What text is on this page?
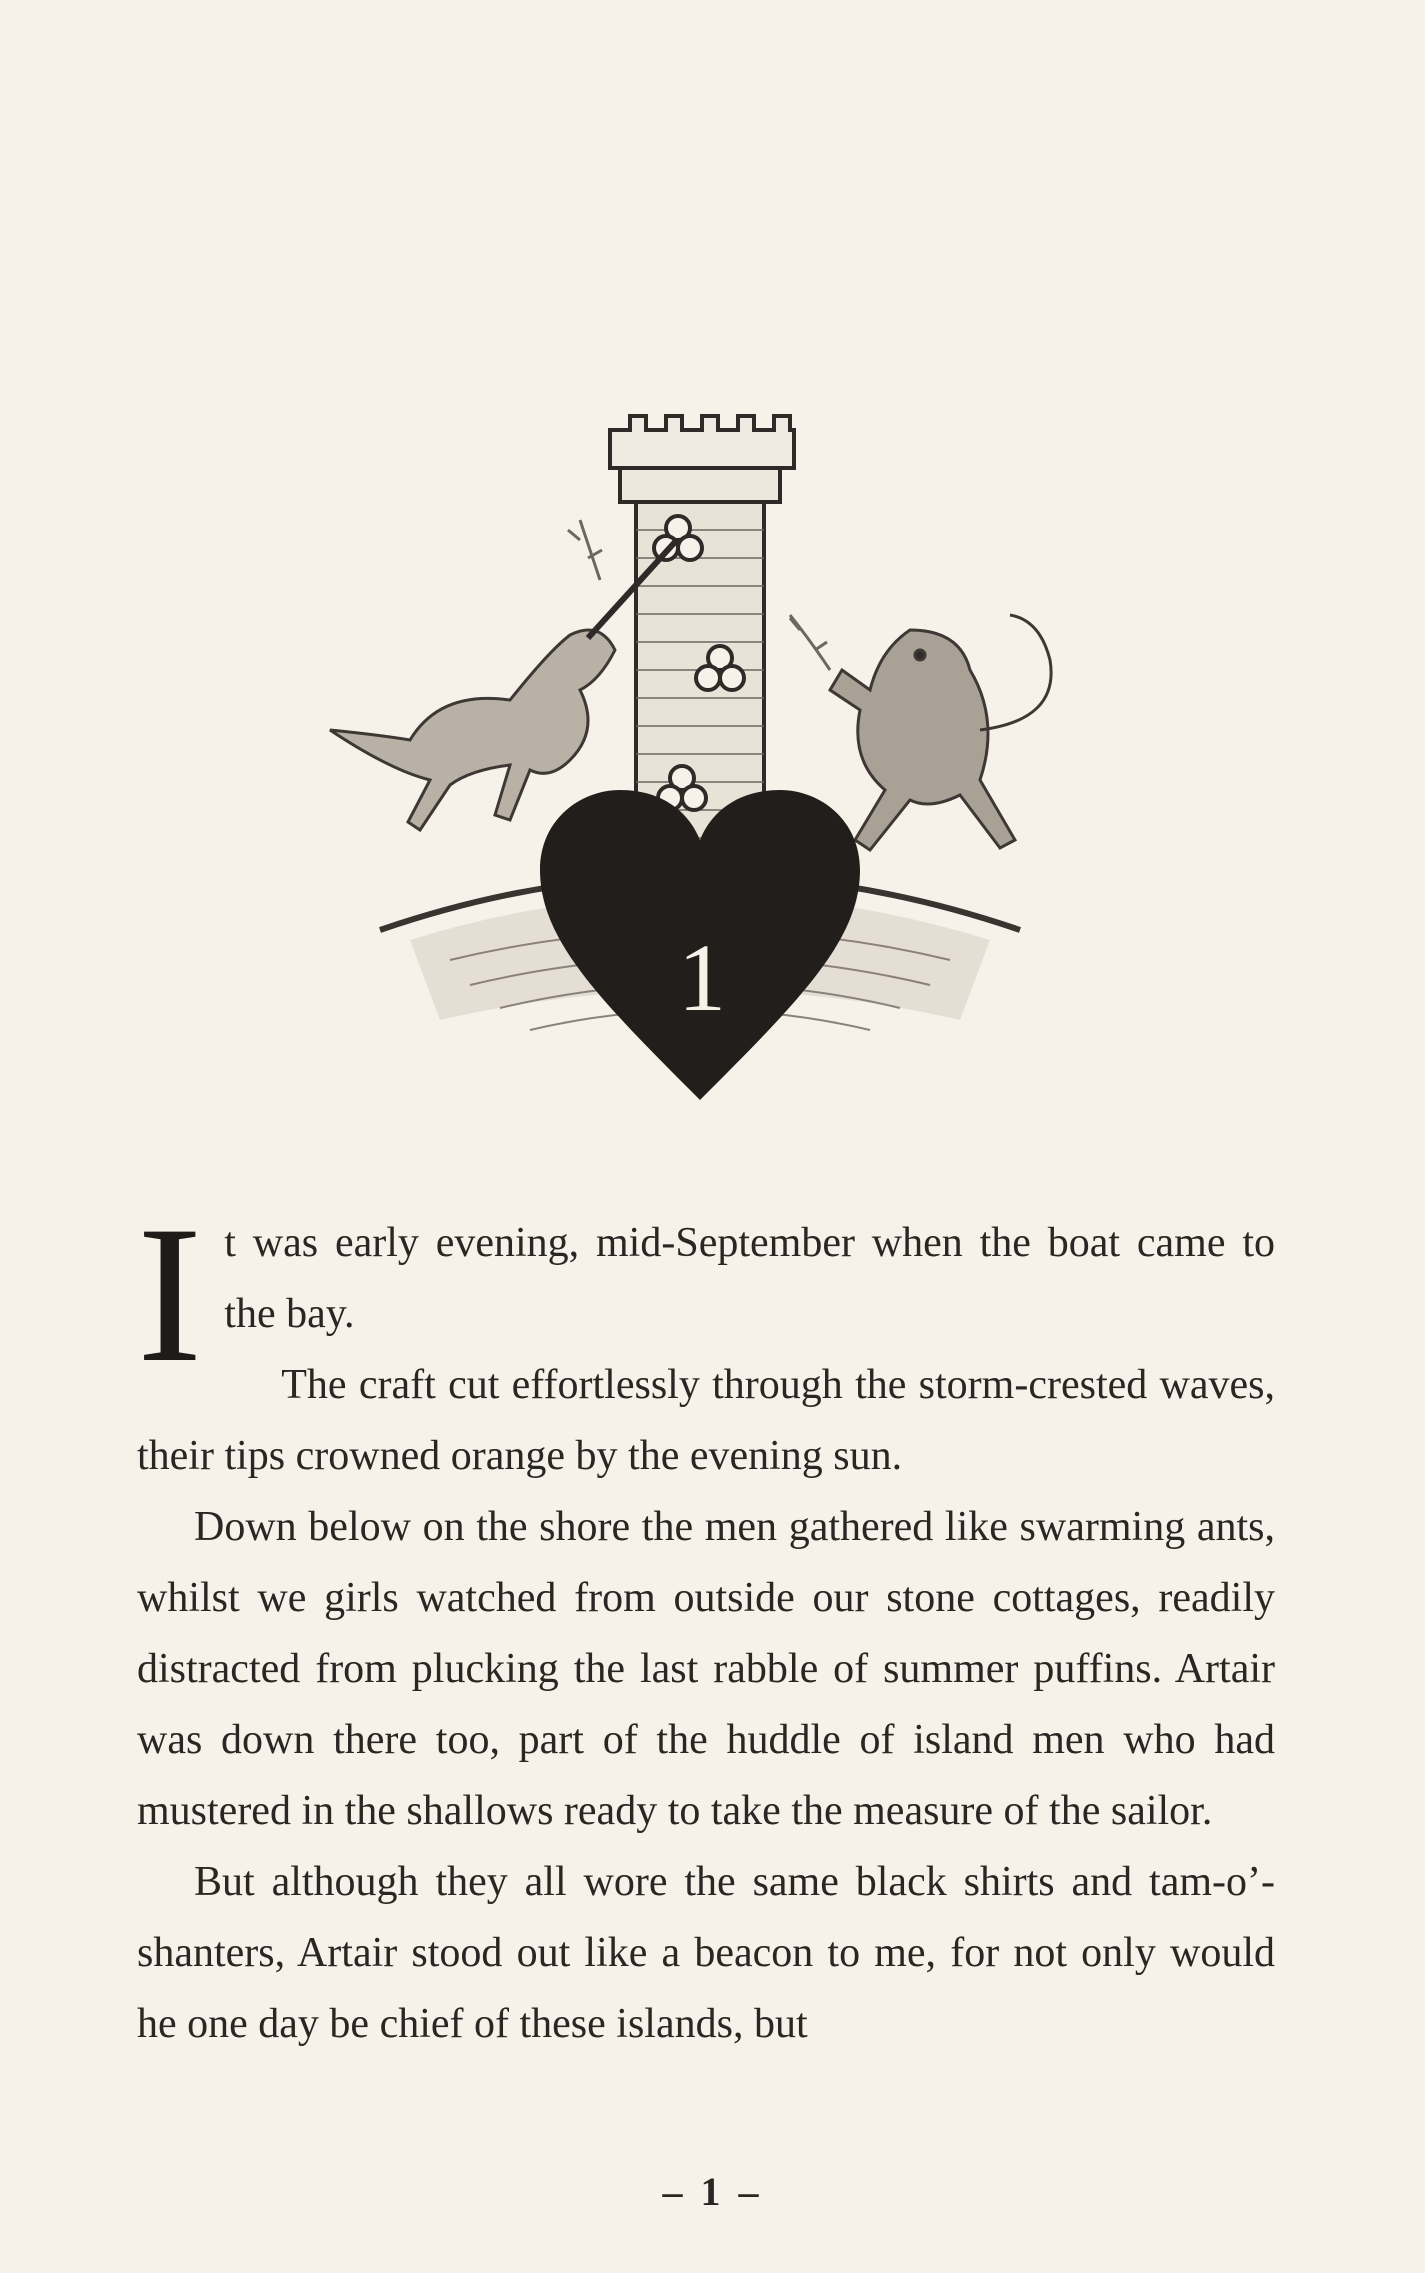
1
I t was early evening, mid-September when the boat came to the bay.

The craft cut effortlessly through the storm-crested waves, their tips crowned orange by the evening sun.

Down below on the shore the men gathered like swarming ants, whilst we girls watched from outside our stone cottages, readily distracted from plucking the last rabble of summer puffins. Artair was down there too, part of the huddle of island men who had mustered in the shallows ready to take the measure of the sailor.

But although they all wore the same black shirts and tam-o’-shanters, Artair stood out like a beacon to me, for not only would he one day be chief of these islands, but

– 1 –
